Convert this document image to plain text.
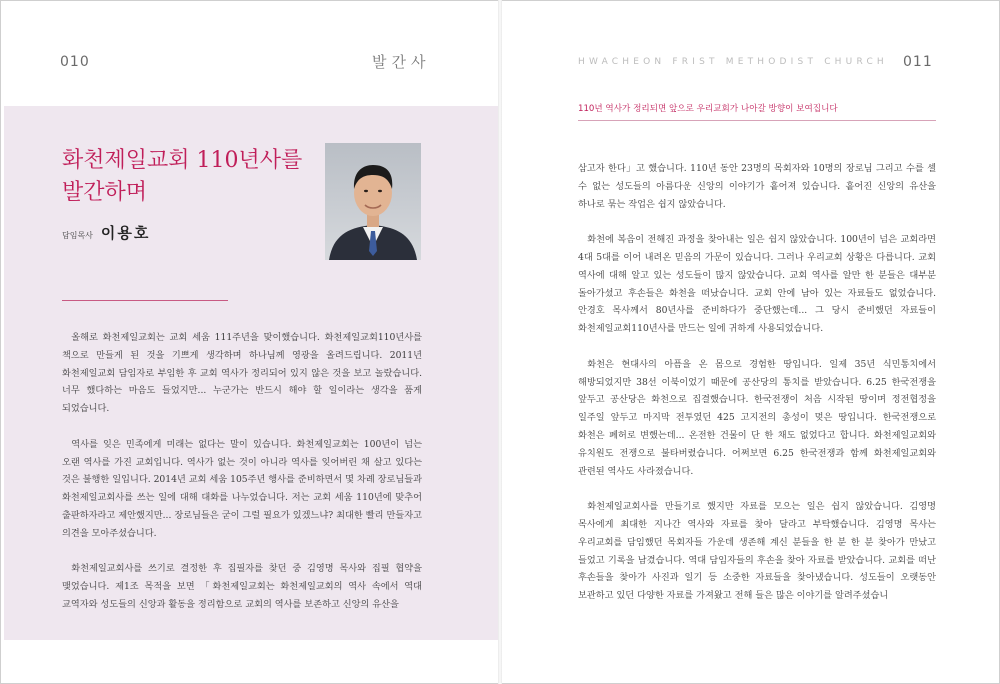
010	발간사	HWACHEON FRIST METHODIST CHURCH 011
화천제일교회 110년사를 발간하며
담임목사 이용호

올해로 화천제일교회는 교회 세움 111주년을 맞이했습니다. 화천제일교회110년사를 책으로 만들게 된 것을 기쁘게 생각하며 하나님께 영광을 올려드립니다. 2011년 화천제일교회 담임자로 부임한 후 교회 역사가 정리되어 있지 않은 것을 보고 놀랐습니다. 너무 했다하는 마음도 들었지만... 누군가는 반드시 해야 할 일이라는 생각을 품게 되었습니다.

역사를 잊은 민족에게 미래는 없다는 말이 있습니다. 화천제일교회는 100년이 넘는 오랜 역사를 가진 교회입니다. 역사가 없는 것이 아니라 역사를 잊어버린 채 살고 있다는 것은 불행한 일입니다. 2014년 교회 세움 105주년 행사를 준비하면서 몇 차례 장로님들과 화천제일교회사를 쓰는 일에 대해 대화를 나누었습니다. 저는 교회 세움 110년에 맞추어 출판하자라고 제안했지만... 장로님들은 굳이 그럴 필요가 있겠느냐? 최대한 빨리 만들자고 의견을 모아주셨습니다.

화천제일교회사를 쓰기로 결정한 후 집필자를 찾던 중 김영명 목사와 집필 협약을 맺었습니다. 제1조 목적을 보면 「화천제일교회는 화천제일교회의 역사 속에서 역대 교역자와 성도들의 신앙과 활동을 정리함으로 교회의 역사를 보존하고 신앙의 유산을

110년 역사가 정리되면 앞으로 우리교회가 나아갈 방향이 보여집니다

삼고자 한다」고 했습니다. 110년 동안 23명의 목회자와 10명의 장로님 그리고 수를 셀 수 없는 성도들의 아름다운 신앙의 이야기가 흩어져 있습니다. 흩어진 신앙의 유산을 하나로 묶는 작업은 쉽지 않았습니다.

화천에 복음이 전해진 과정을 찾아내는 일은 쉽지 않았습니다. 100년이 넘은 교회라면 4대 5대를 이어 내려온 믿음의 가문이 있습니다. 그러나 우리교회 상황은 다릅니다. 교회 역사에 대해 알고 있는 성도들이 많지 않았습니다. 교회 역사를 알만 한 분들은 대부분 돌아가셨고 후손들은 화천을 떠났습니다. 교회 안에 남아 있는 자료들도 없었습니다. 안경호 목사께서 80년사를 준비하다가 중단했는데... 그 당시 준비했던 자료들이 화천제일교회110년사를 만드는 일에 귀하게 사용되었습니다.

화천은 현대사의 아픔을 온 몸으로 경험한 땅입니다. 일제 35년 식민통치에서 해방되었지만 38선 이북이었기 때문에 공산당의 통치를 받았습니다. 6.25 한국전쟁을 앞두고 공산당은 화천으로 집결했습니다. 한국전쟁이 처음 시작된 땅이며 정전협정을 일주일 앞두고 마지막 전투였던 425 고지전의 총성이 멎은 땅입니다. 한국전쟁으로 화천은 폐허로 변했는데... 온전한 건물이 단 한 채도 없었다고 합니다. 화천제일교회와 유치원도 전쟁으로 불타버렸습니다. 어쩌보면 6.25 한국전쟁과 함께 화천제일교회와 관련된 역사도 사라졌습니다.

화천제일교회사를 만들기로 했지만 자료를 모으는 일은 쉽지 않았습니다. 김영명 목사에게 최대한 지나간 역사와 자료를 찾아 달라고 부탁했습니다. 김영명 목사는 우리교회를 담임했던 목회자들 가운데 생존해 계신 분들을 한 분 한 분 찾아가 만났고 들었고 기록을 남겼습니다. 역대 담임자들의 후손을 찾아 자료를 받았습니다. 교회를 떠난 후손들을 찾아가 사진과 일기 등 소중한 자료들을 찾아냈습니다. 성도들이 오랫동안 보관하고 있던 다양한 자료를 가져왔고 전해 들은 많은 이야기를 알려주셨습니
